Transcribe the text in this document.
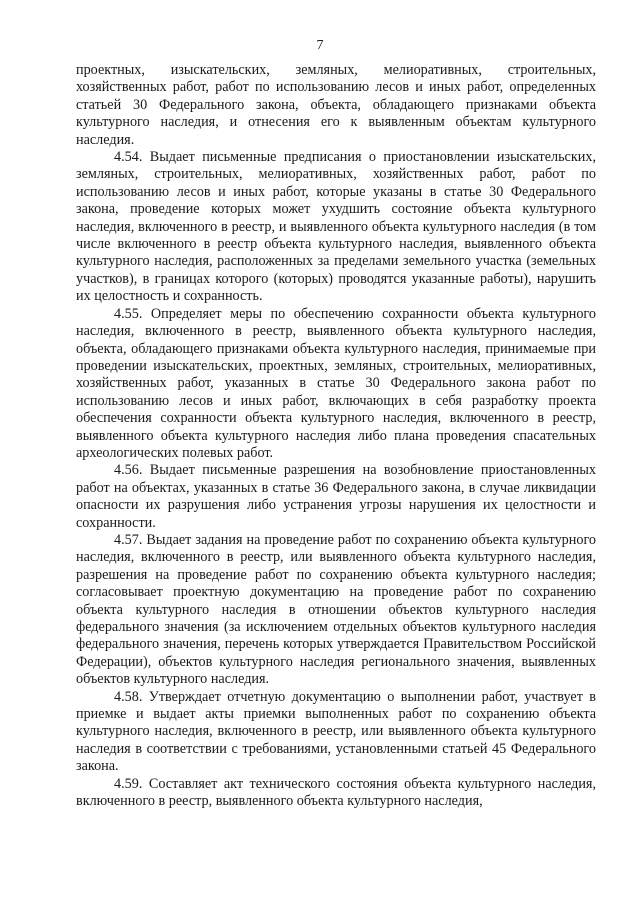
7

проектных, изыскательских, земляных, мелиоративных, строительных, хозяйственных работ, работ по использованию лесов и иных работ, определенных статьей 30 Федерального закона, объекта, обладающего признаками объекта культурного наследия, и отнесения его к выявленным объектам культурного наследия.

4.54. Выдает письменные предписания о приостановлении изыскательских, земляных, строительных, мелиоративных, хозяйственных работ, работ по использованию лесов и иных работ, которые указаны в статье 30 Федерального закона, проведение которых может ухудшить состояние объекта культурного наследия, включенного в реестр, и выявленного объекта культурного наследия (в том числе включенного в реестр объекта культурного наследия, выявленного объекта культурного наследия, расположенных за пределами земельного участка (земельных участков), в границах которого (которых) проводятся указанные работы), нарушить их целостность и сохранность.

4.55. Определяет меры по обеспечению сохранности объекта культурного наследия, включенного в реестр, выявленного объекта культурного наследия, объекта, обладающего признаками объекта культурного наследия, принимаемые при проведении изыскательских, проектных, земляных, строительных, мелиоративных, хозяйственных работ, указанных в статье 30 Федерального закона работ по использованию лесов и иных работ, включающих в себя разработку проекта обеспечения сохранности объекта культурного наследия, включенного в реестр, выявленного объекта культурного наследия либо плана проведения спасательных археологических полевых работ.

4.56. Выдает письменные разрешения на возобновление приостановленных работ на объектах, указанных в статье 36 Федерального закона, в случае ликвидации опасности их разрушения либо устранения угрозы нарушения их целостности и сохранности.

4.57. Выдает задания на проведение работ по сохранению объекта культурного наследия, включенного в реестр, или выявленного объекта культурного наследия, разрешения на проведение работ по сохранению объекта культурного наследия; согласовывает проектную документацию на проведение работ по сохранению объекта культурного наследия в отношении объектов культурного наследия федерального значения (за исключением отдельных объектов культурного наследия федерального значения, перечень которых утверждается Правительством Российской Федерации), объектов культурного наследия регионального значения, выявленных объектов культурного наследия.

4.58. Утверждает отчетную документацию о выполнении работ, участвует в приемке и выдает акты приемки выполненных работ по сохранению объекта культурного наследия, включенного в реестр, или выявленного объекта культурного наследия в соответствии с требованиями, установленными статьей 45 Федерального закона.

4.59. Составляет акт технического состояния объекта культурного наследия, включенного в реестр, выявленного объекта культурного наследия,
